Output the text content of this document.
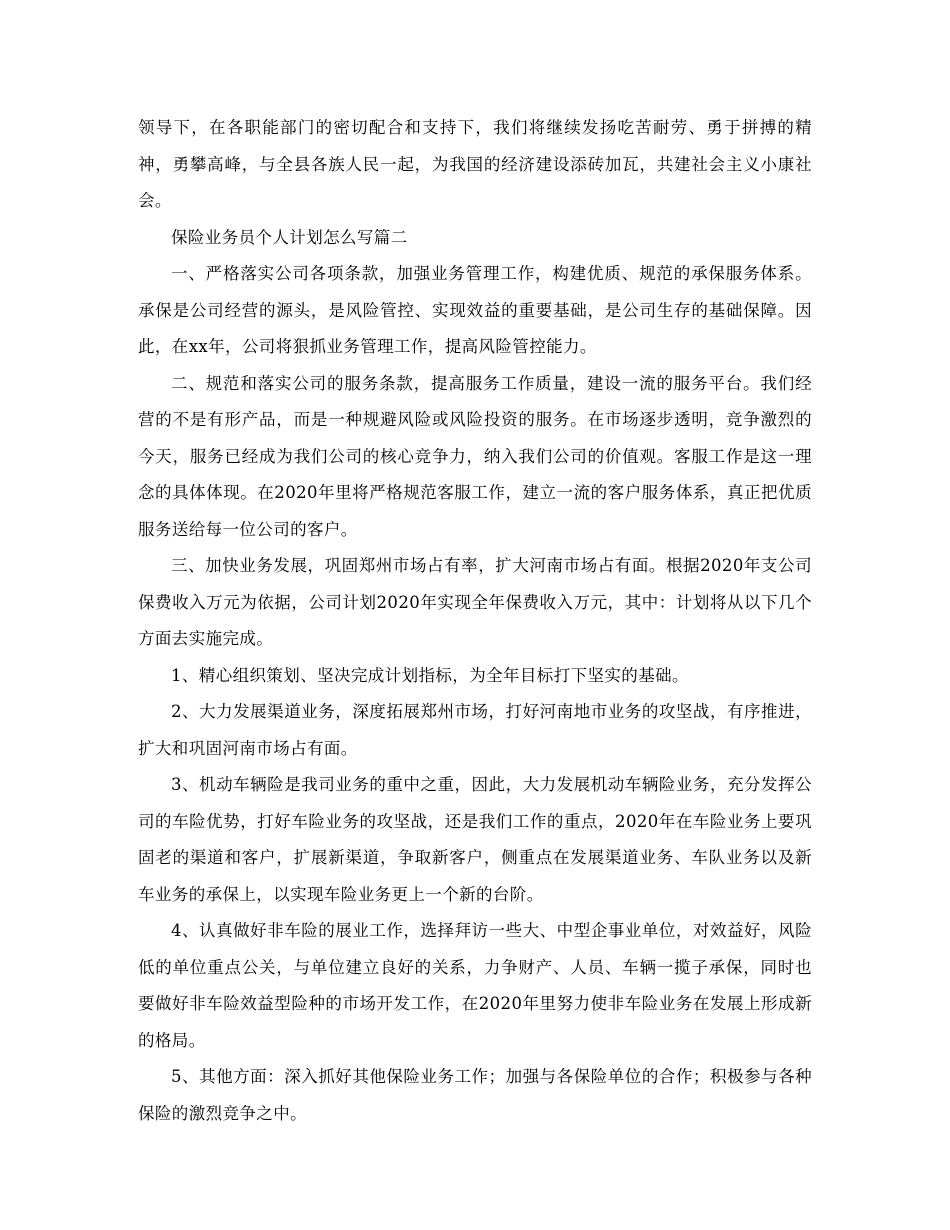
领导下，在各职能部门的密切配合和支持下，我们将继续发扬吃苦耐劳、勇于拼搏的精神，勇攀高峰，与全县各族人民一起，为我国的经济建设添砖加瓦，共建社会主义小康社会。

保险业务员个人计划怎么写篇二

一、严格落实公司各项条款，加强业务管理工作，构建优质、规范的承保服务体系。承保是公司经营的源头，是风险管控、实现效益的重要基础，是公司生存的基础保障。因此，在xx年，公司将狠抓业务管理工作，提高风险管控能力。

二、规范和落实公司的服务条款，提高服务工作质量，建设一流的服务平台。我们经营的不是有形产品，而是一种规避风险或风险投资的服务。在市场逐步透明，竞争激烈的今天，服务已经成为我们公司的核心竞争力，纳入我们公司的价值观。客服工作是这一理念的具体体现。在2020年里将严格规范客服工作，建立一流的客户服务体系，真正把优质服务送给每一位公司的客户。

三、加快业务发展，巩固郑州市场占有率，扩大河南市场占有面。根据2020年支公司保费收入万元为依据，公司计划2020年实现全年保费收入万元，其中：计划将从以下几个方面去实施完成。

1、精心组织策划、坚决完成计划指标，为全年目标打下坚实的基础。

2、大力发展渠道业务，深度拓展郑州市场，打好河南地市业务的攻坚战，有序推进，扩大和巩固河南市场占有面。

3、机动车辆险是我司业务的重中之重，因此，大力发展机动车辆险业务，充分发挥公司的车险优势，打好车险业务的攻坚战，还是我们工作的重点，2020年在车险业务上要巩固老的渠道和客户，扩展新渠道，争取新客户，侧重点在发展渠道业务、车队业务以及新车业务的承保上，以实现车险业务更上一个新的台阶。

4、认真做好非车险的展业工作，选择拜访一些大、中型企事业单位，对效益好，风险低的单位重点公关，与单位建立良好的关系，力争财产、人员、车辆一揽子承保，同时也要做好非车险效益型险种的市场开发工作，在2020年里努力使非车险业务在发展上形成新的格局。

5、其他方面：深入抓好其他保险业务工作；加强与各保险单位的合作；积极参与各种保险的激烈竞争之中。
